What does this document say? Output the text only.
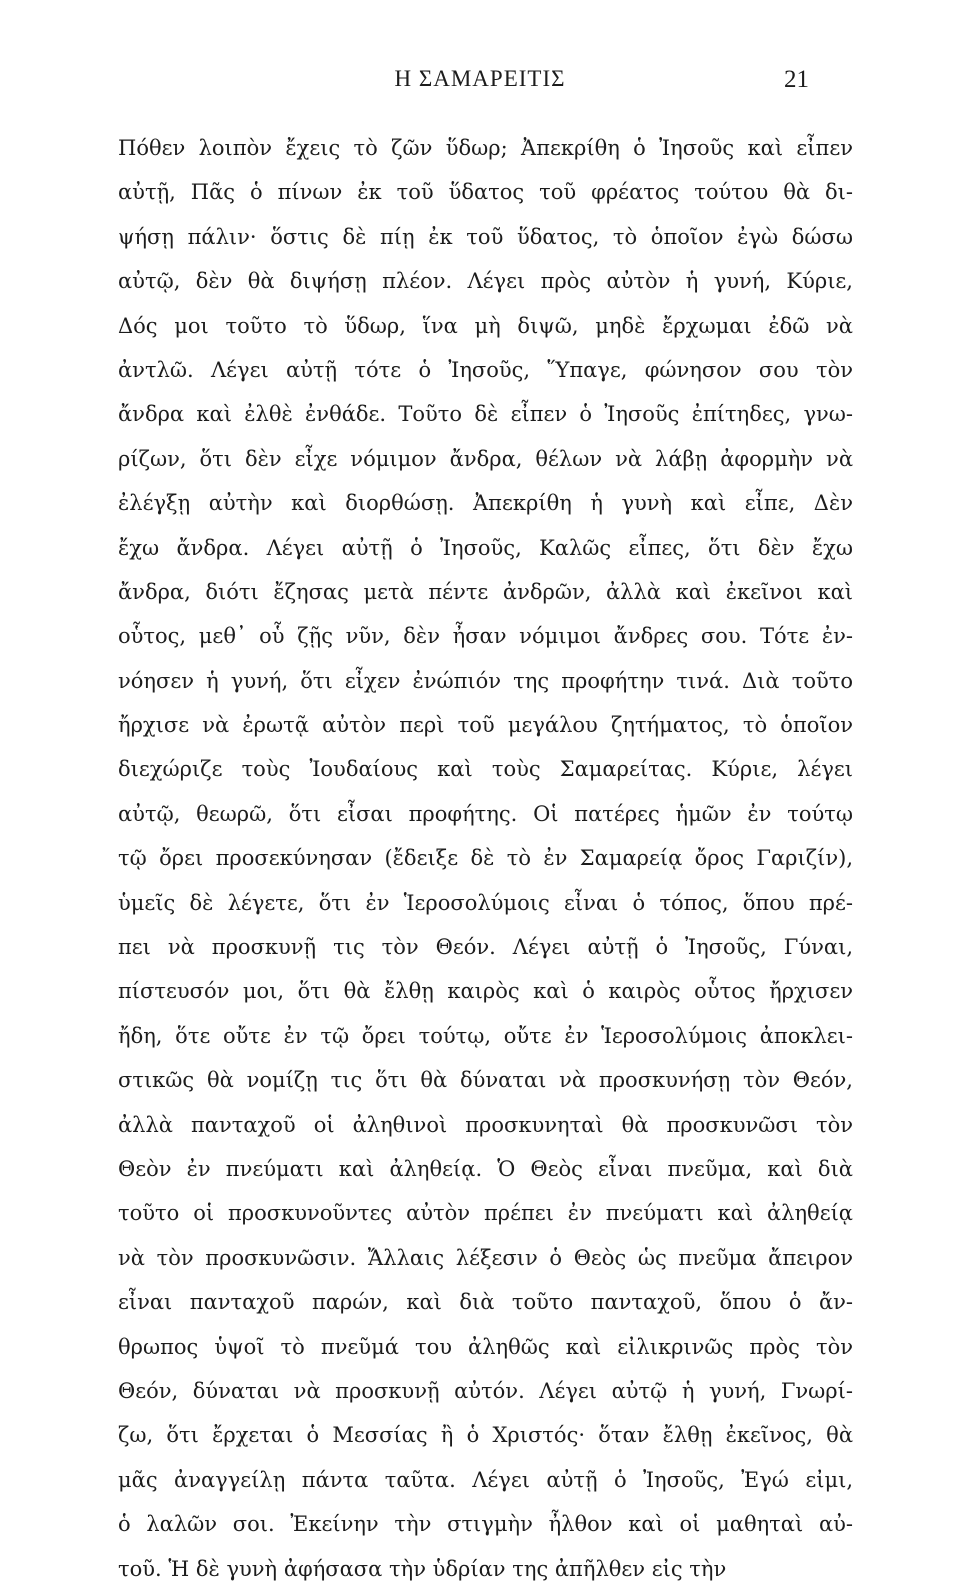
Η ΣΑΜΑΡΕΙΤΙΣ	21
Πόθεν λοιπὸν ἔχεις τὸ ζῶν ὕδωρ; Ἀπεκρίθη ὁ Ἰησοῦς καὶ εἶπεν
αὐτῇ, Πᾶς ὁ πίνων ἐκ τοῦ ὕδατος τοῦ φρέατος τούτου θὰ δι-
ψήσῃ πάλιν· ὅστις δὲ πίῃ ἐκ τοῦ ὕδατος, τὸ ὁποῖον ἐγὼ δώσω
αὐτῷ, δὲν θὰ διψήσῃ πλέον. Λέγει πρὸς αὐτὸν ἡ γυνή, Κύριε,
Δός μοι τοῦτο τὸ ὕδωρ, ἵνα μὴ διψῶ, μηδὲ ἔρχωμαι ἐδῶ νὰ
ἀντλῶ. Λέγει αὐτῇ τότε ὁ Ἰησοῦς, Ὕπαγε, φώνησον σου τὸν
ἄνδρα καὶ ἐλθὲ ἐνθάδε. Τοῦτο δὲ εἶπεν ὁ Ἰησοῦς ἐπίτηδες, γνω-
ρίζων, ὅτι δὲν εἶχε νόμιμον ἄνδρα, θέλων νὰ λάβῃ ἀφορμὴν νὰ
ἐλέγξῃ αὐτὴν καὶ διορθώσῃ. Ἀπεκρίθη ἡ γυνὴ καὶ εἶπε, Δὲν
ἔχω ἄνδρα. Λέγει αὐτῇ ὁ Ἰησοῦς, Καλῶς εἶπες, ὅτι δὲν ἔχω
ἄνδρα, διότι ἔζησας μετὰ πέντε ἀνδρῶν, ἀλλὰ καὶ ἐκεῖνοι καὶ
οὗτος, μεθ᾽ οὗ ζῇς νῦν, δὲν ἦσαν νόμιμοι ἄνδρες σου. Τότε ἐν-
νόησεν ἡ γυνή, ὅτι εἶχεν ἐνώπιόν της προφήτην τινά. Διὰ τοῦτο
ἤρχισε νὰ ἐρωτᾷ αὐτὸν περὶ τοῦ μεγάλου ζητήματος, τὸ ὁποῖον
διεχώριζε τοὺς Ἰουδαίους καὶ τοὺς Σαμαρείτας. Κύριε, λέγει
αὐτῷ, θεωρῶ, ὅτι εἶσαι προφήτης. Οἱ πατέρες ἡμῶν ἐν τούτῳ
τῷ ὄρει προσεκύνησαν (ἔδειξε δὲ τὸ ἐν Σαμαρείᾳ ὄρος Γαριζίν),
ὑμεῖς δὲ λέγετε, ὅτι ἐν Ἱεροσολύμοις εἶναι ὁ τόπος, ὅπου πρέ-
πει νὰ προσκυνῇ τις τὸν Θεόν. Λέγει αὐτῇ ὁ Ἰησοῦς, Γύναι,
πίστευσόν μοι, ὅτι θὰ ἔλθῃ καιρὸς καὶ ὁ καιρὸς οὗτος ἤρχισεν
ἤδη, ὅτε οὔτε ἐν τῷ ὄρει τούτῳ, οὔτε ἐν Ἱεροσολύμοις ἀποκλει-
στικῶς θὰ νομίζῃ τις ὅτι θὰ δύναται νὰ προσκυνήσῃ τὸν Θεόν,
ἀλλὰ πανταχοῦ οἱ ἀληθινοὶ προσκυνηταὶ θὰ προσκυνῶσι τὸν
Θεὸν ἐν πνεύματι καὶ ἀληθείᾳ. Ὁ Θεὸς εἶναι πνεῦμα, καὶ διὰ
τοῦτο οἱ προσκυνοῦντες αὐτὸν πρέπει ἐν πνεύματι καὶ ἀληθείᾳ
νὰ τὸν προσκυνῶσιν. Ἄλλαις λέξεσιν ὁ Θεὸς ὡς πνεῦμα ἄπειρον
εἶναι πανταχοῦ παρών, καὶ διὰ τοῦτο πανταχοῦ, ὅπου ὁ ἄν-
θρωπος ὑψοῖ τὸ πνεῦμά του ἀληθῶς καὶ εἰλικρινῶς πρὸς τὸν
Θεόν, δύναται νὰ προσκυνῇ αὐτόν. Λέγει αὐτῷ ἡ γυνή, Γνωρί-
ζω, ὅτι ἔρχεται ὁ Μεσσίας ἢ ὁ Χριστός· ὅταν ἔλθῃ ἐκεῖνος, θὰ
μᾶς ἀναγγείλῃ πάντα ταῦτα. Λέγει αὐτῇ ὁ Ἰησοῦς, Ἐγώ εἰμι,
ὁ λαλῶν σοι. Ἐκείνην τὴν στιγμὴν ἦλθον καὶ οἱ μαθηταὶ αὐ-
τοῦ. Ἡ δὲ γυνὴ ἀφήσασα τὴν ὑδρίαν της ἀπῆλθεν εἰς τὴν
